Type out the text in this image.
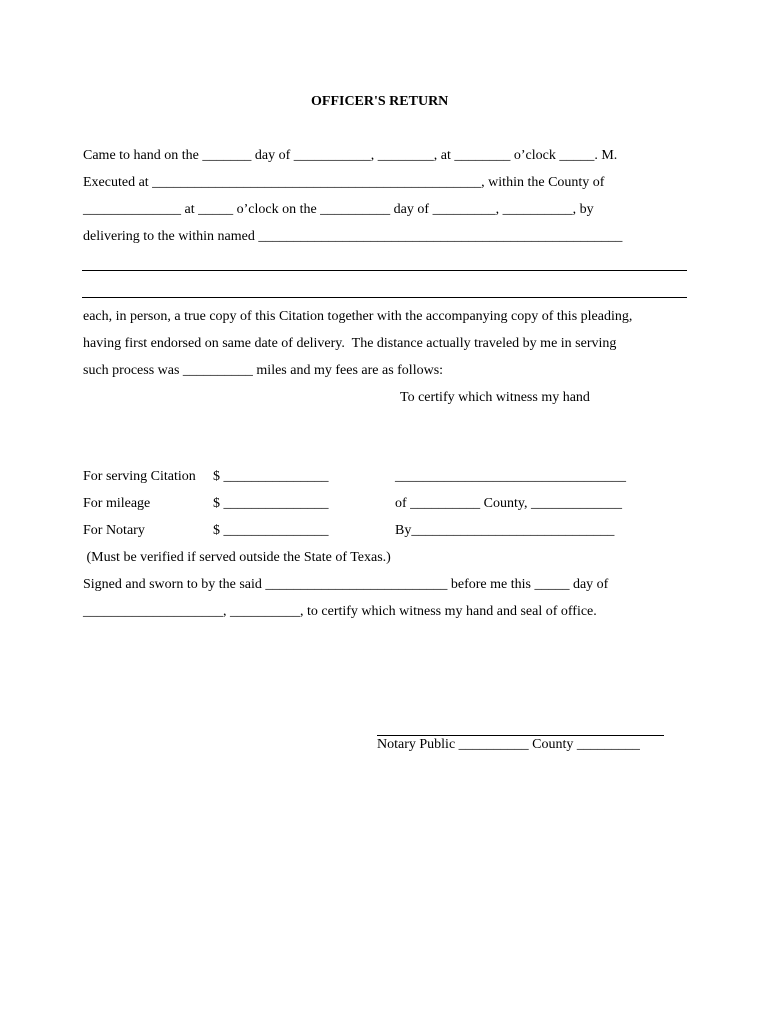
OFFICER'S RETURN
Came to hand on the _______ day of ___________, ________, at ________ o’clock _____. M.
Executed at _______________________________________________, within the County of
______________ at _____ o’clock on the __________ day of _________, __________, by
delivering to the within named ____________________________________________________
each, in person, a true copy of this Citation together with the accompanying copy of this pleading,
having first endorsed on same date of delivery.  The distance actually traveled by me in serving
such process was __________ miles and my fees are as follows:
To certify which witness my hand
For serving Citation $ _______________	_________________________________
For mileage	$ _______________	of __________ County, _____________
For Notary	$ _______________	By_____________________________
(Must be verified if served outside the State of Texas.)
Signed and sworn to by the said __________________________ before me this _____ day of
____________________, __________, to certify which witness my hand and seal of office.
Notary Public __________ County _________
